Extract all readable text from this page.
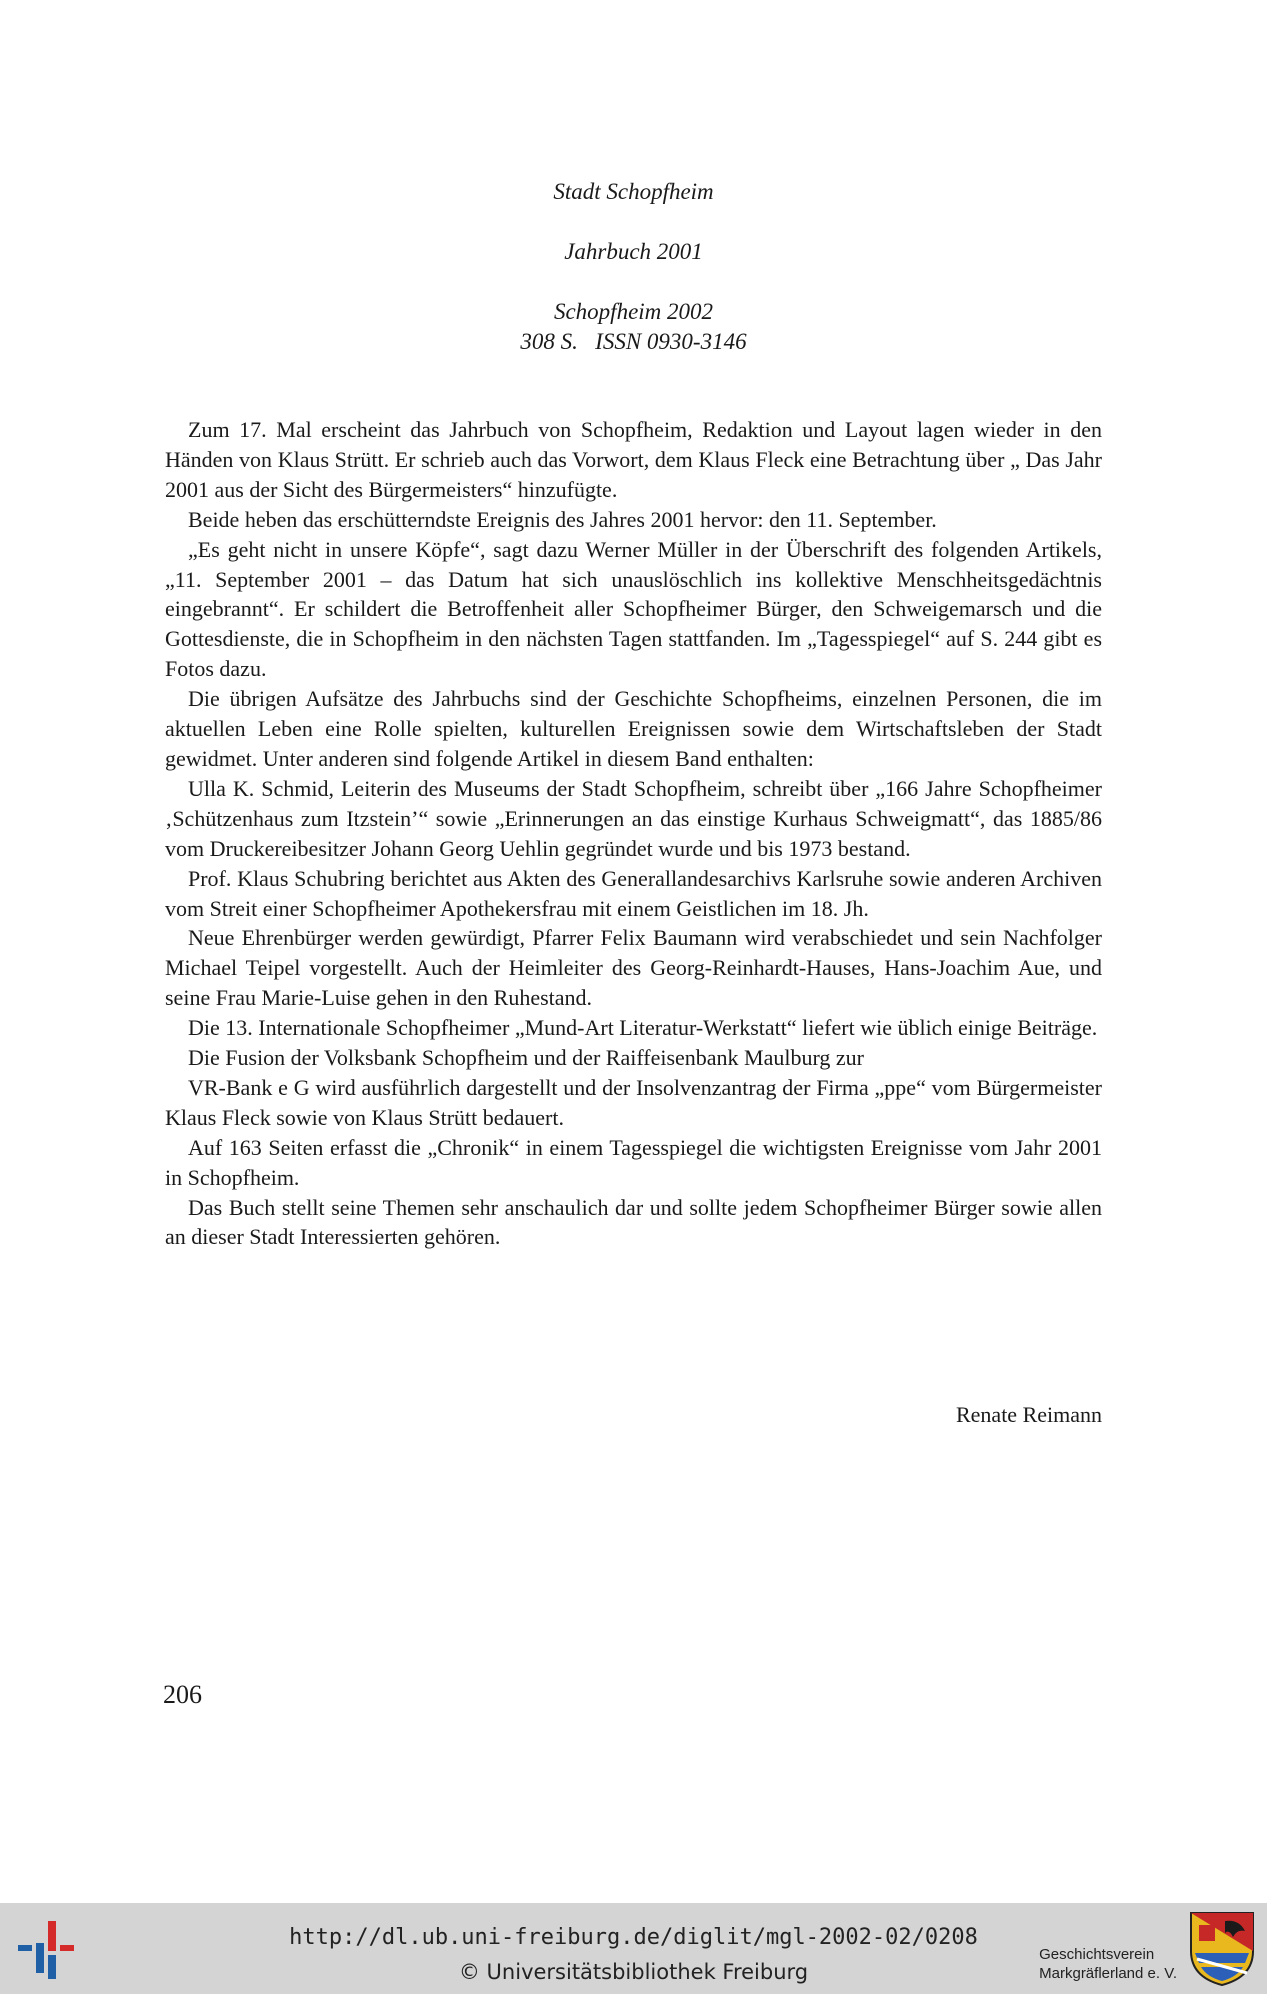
Stadt Schopfheim
Jahrbuch 2001
Schopfheim 2002
308 S.   ISSN 0930-3146

Zum 17. Mal erscheint das Jahrbuch von Schopfheim, Redaktion und Layout lagen wieder in den Händen von Klaus Strütt. Er schrieb auch das Vorwort, dem Klaus Fleck eine Betrachtung über „ Das Jahr 2001 aus der Sicht des Bürgermeisters“ hinzufügte.

Beide heben das erschütterndste Ereignis des Jahres 2001 hervor: den 11. September.

„Es geht nicht in unsere Köpfe“, sagt dazu Werner Müller in der Überschrift des folgenden Artikels, „11. September 2001 – das Datum hat sich unauslöschlich ins kollektive Menschheitsgedächtnis eingebrannt“. Er schildert die Betroffenheit aller Schopfheimer Bürger, den Schweigemarsch und die Gottesdienste, die in Schopfheim in den nächsten Tagen stattfanden. Im „Tagesspiegel“ auf S. 244 gibt es Fotos dazu.

Die übrigen Aufsätze des Jahrbuchs sind der Geschichte Schopfheims, einzelnen Personen, die im aktuellen Leben eine Rolle spielten, kulturellen Ereignissen sowie dem Wirtschaftsleben der Stadt gewidmet. Unter anderen sind folgende Artikel in diesem Band enthalten:

Ulla K. Schmid, Leiterin des Museums der Stadt Schopfheim, schreibt über „166 Jahre Schopfheimer ‚Schützenhaus zum Itzstein’“ sowie „Erinnerungen an das einstige Kurhaus Schweigmatt“, das 1885/86 vom Druckereibesitzer Johann Georg Uehlin gegründet wurde und bis 1973 bestand.

Prof. Klaus Schubring berichtet aus Akten des Generallandesarchivs Karlsruhe sowie anderen Archiven vom Streit einer Schopfheimer Apothekersfrau mit einem Geistlichen im 18. Jh.

Neue Ehrenbürger werden gewürdigt, Pfarrer Felix Baumann wird verabschiedet und sein Nachfolger Michael Teipel vorgestellt. Auch der Heimleiter des Georg-Reinhardt-Hauses, Hans-Joachim Aue, und seine Frau Marie-Luise gehen in den Ruhestand.

Die 13. Internationale Schopfheimer „Mund-Art Literatur-Werkstatt“ liefert wie üblich einige Beiträge.

Die Fusion der Volksbank Schopfheim und der Raiffeisenbank Maulburg zur

VR-Bank e G wird ausführlich dargestellt und der Insolvenzantrag der Firma „ppe“ vom Bürgermeister Klaus Fleck sowie von Klaus Strütt bedauert.

Auf 163 Seiten erfasst die „Chronik“ in einem Tagesspiegel die wichtigsten Ereignisse vom Jahr 2001 in Schopfheim.

Das Buch stellt seine Themen sehr anschaulich dar und sollte jedem Schopfheimer Bürger sowie allen an dieser Stadt Interessierten gehören.

Renate Reimann
206
http://dl.ub.uni-freiburg.de/diglit/mgl-2002-02/0208
© Universitätsbibliothek Freiburg
Geschichtsverein
Markgräflerland e. V.
